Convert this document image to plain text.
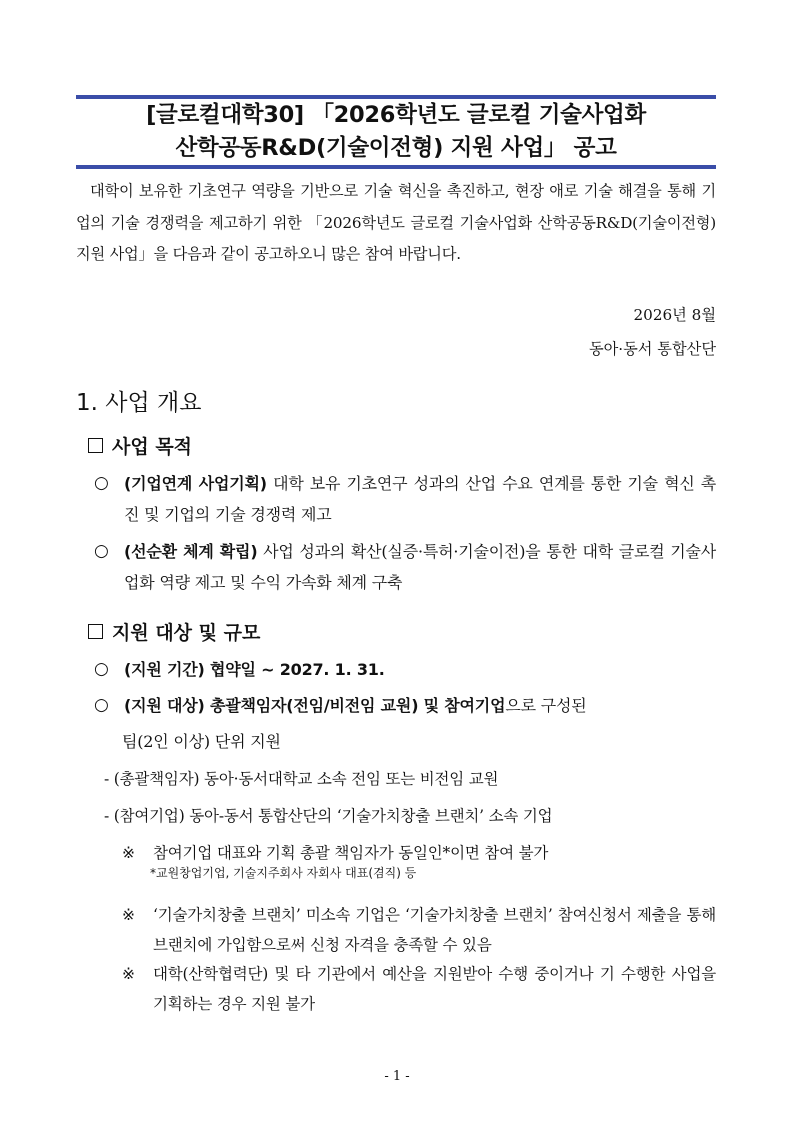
[글로컬대학30] 「2026학년도 글로컬 기술사업화
산학공동R&D(기술이전형) 지원 사업」 공고

대학이 보유한 기초연구 역량을 기반으로 기술 혁신을 촉진하고, 현장 애로 기술 해결을 통해 기업의 기술 경쟁력을 제고하기 위한 「2026학년도 글로컬 기술사업화 산학공동R&D(기술이전형) 지원 사업」을 다음과 같이 공고하오니 많은 참여 바랍니다.

2026년 8월
동아·동서 통합산단
1. 사업 개요
사업 목적
○ (기업연계 사업기획) 대학 보유 기초연구 성과의 산업 수요 연계를 통한 기술 혁신 촉진 및 기업의 기술 경쟁력 제고
○ (선순환 체계 확립) 사업 성과의 확산(실증·특허·기술이전)을 통한 대학 글로컬 기술사업화 역량 제고 및 수익 가속화 체계 구축
지원 대상 및 규모
○ (지원 기간) 협약일 ~ 2027. 1. 31.
○ (지원 대상) 총괄책임자(전임/비전임 교원) 및 참여기업으로 구성된
팀(2인 이상) 단위 지원
- (총괄책임자) 동아·동서대학교 소속 전임 또는 비전임 교원
- (참여기업) 동아-동서 통합산단의 ‘기술가치창출 브랜치’ 소속 기업
※ 참여기업 대표와 기획 총괄 책임자가 동일인*이면 참여 불가
*교원창업기업, 기술지주회사 자회사 대표(겸직) 등
※ ‘기술가치창출 브랜치’ 미소속 기업은 ‘기술가치창출 브랜치’ 참여신청서 제출을 통해 브랜치에 가입함으로써 신청 자격을 충족할 수 있음
※ 대학(산학협력단) 및 타 기관에서 예산을 지원받아 수행 중이거나 기 수행한 사업을 기획하는 경우 지원 불가
- 1 -
